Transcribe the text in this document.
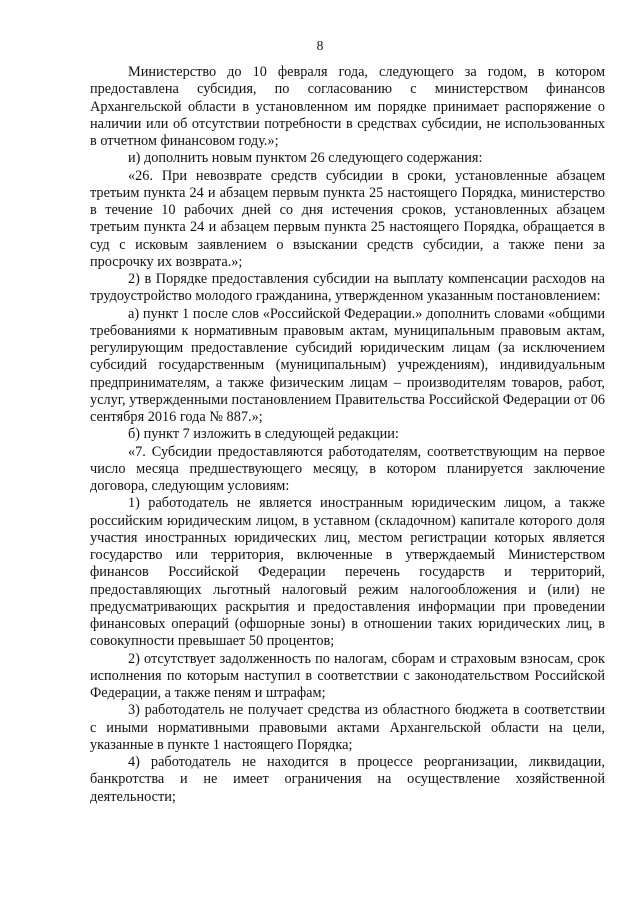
8

Министерство до 10 февраля года, следующего за годом, в котором предоставлена субсидия, по согласованию с министерством финансов Архангельской области в установленном им порядке принимает распоряжение о наличии или об отсутствии потребности в средствах субсидии, не использованных в отчетном финансовом году.»;

и) дополнить новым пунктом 26 следующего содержания:

«26. При невозврате средств субсидии в сроки, установленные абзацем третьим пункта 24 и абзацем первым пункта 25 настоящего Порядка, министерство в течение 10 рабочих дней со дня истечения сроков, установленных абзацем третьим пункта 24 и абзацем первым пункта 25 настоящего Порядка, обращается в суд с исковым заявлением о взыскании средств субсидии, а также пени за просрочку их возврата.»;

2) в Порядке предоставления субсидии на выплату компенсации расходов на трудоустройство молодого гражданина, утвержденном указанным постановлением:

а) пункт 1 после слов «Российской Федерации.» дополнить словами «общими требованиями к нормативным правовым актам, муниципальным правовым актам, регулирующим предоставление субсидий юридическим лицам (за исключением субсидий государственным (муниципальным) учреждениям), индивидуальным предпринимателям, а также физическим лицам – производителям товаров, работ, услуг, утвержденными постановлением Правительства Российской Федерации от 06 сентября 2016 года № 887.»;

б) пункт 7 изложить в следующей редакции:

«7. Субсидии предоставляются работодателям, соответствующим на первое число месяца предшествующего месяцу, в котором планируется заключение договора, следующим условиям:

1) работодатель не является иностранным юридическим лицом, а также российским юридическим лицом, в уставном (складочном) капитале которого доля участия иностранных юридических лиц, местом регистрации которых является государство или территория, включенные в утверждаемый Министерством финансов Российской Федерации перечень государств и территорий, предоставляющих льготный налоговый режим налогообложения и (или) не предусматривающих раскрытия и предоставления информации при проведении финансовых операций (офшорные зоны) в отношении таких юридических лиц, в совокупности превышает 50 процентов;

2) отсутствует задолженность по налогам, сборам и страховым взносам, срок исполнения по которым наступил в соответствии с законодательством Российской Федерации, а также пеням и штрафам;

3) работодатель не получает средства из областного бюджета в соответствии с иными нормативными правовыми актами Архангельской области на цели, указанные в пункте 1 настоящего Порядка;

4) работодатель не находится в процессе реорганизации, ликвидации, банкротства и не имеет ограничения на осуществление хозяйственной деятельности;
